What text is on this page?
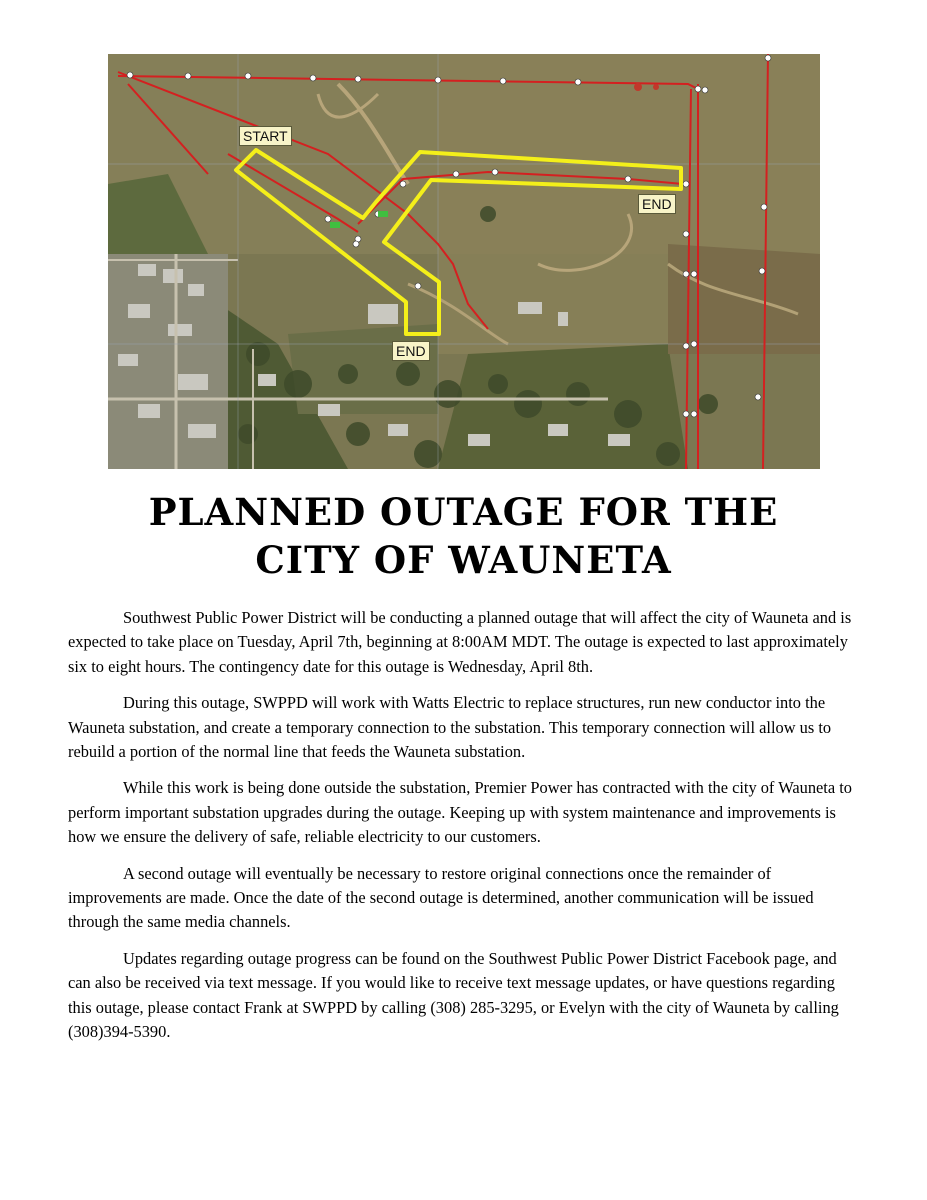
START
END
END
PLANNED OUTAGE FOR THE
CITY OF WAUNETA

Southwest Public Power District will be conducting a planned outage that will affect the city of Wauneta and is expected to take place on Tuesday, April 7th, beginning at 8:00AM MDT. The outage is expected to last approximately six to eight hours. The contingency date for this outage is Wednesday, April 8th.

During this outage, SWPPD will work with Watts Electric to replace structures, run new conductor into the Wauneta substation, and create a temporary connection to the substation. This temporary connection will allow us to rebuild a portion of the normal line that feeds the Wauneta substation.

While this work is being done outside the substation, Premier Power has contracted with the city of Wauneta to perform important substation upgrades during the outage. Keeping up with system maintenance and improvements is how we ensure the delivery of safe, reliable electricity to our customers.

A second outage will eventually be necessary to restore original connections once the remainder of improvements are made. Once the date of the second outage is determined, another communication will be issued through the same media channels.

Updates regarding outage progress can be found on the Southwest Public Power District Facebook page, and can also be received via text message. If you would like to receive text message updates, or have questions regarding this outage, please contact Frank at SWPPD by calling (308) 285-3295, or Evelyn with the city of Wauneta by calling (308)394-5390.
